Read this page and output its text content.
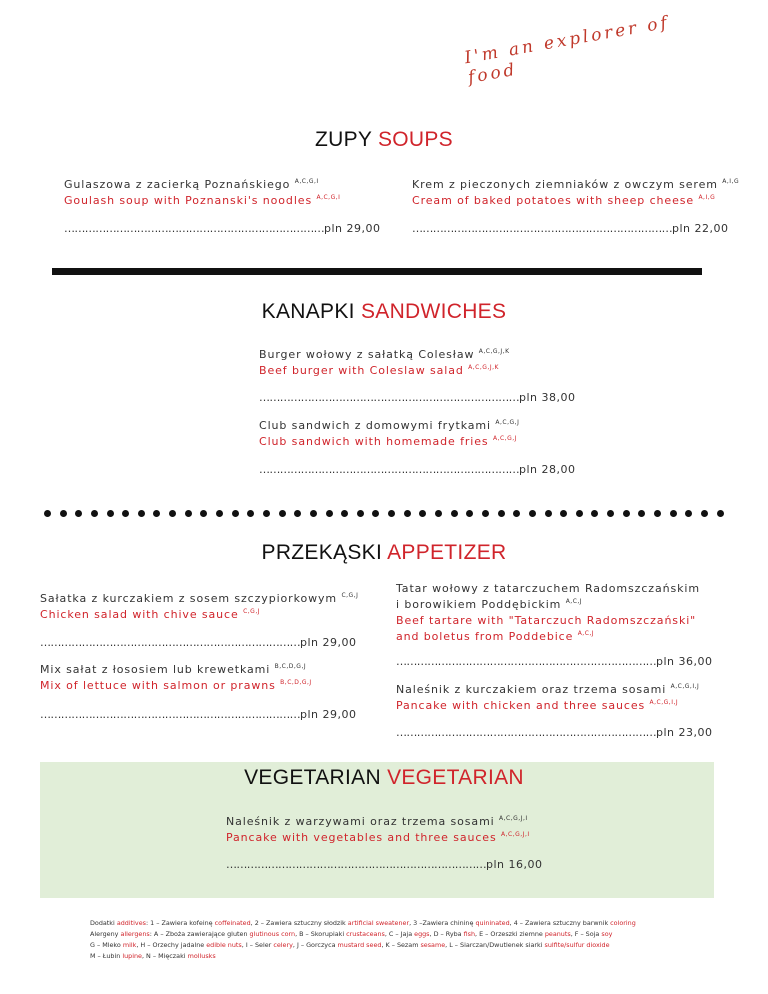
I'm an explorer of food
ZUPY SOUPS
Gulaszowa z zacierką Poznańskiego $^{A,C,G,I}$
Goulash soup with Poznanski's noodles $^{A,C,G,I}$
…………………………………………………………………pln 29,00
Krem z pieczonych ziemniaków z owczym serem $^{A,I,G}$
Cream of baked potatoes with sheep cheese $^{A,I,G}$
…………………………………………………………………pln 22,00
KANAPKI SANDWICHES
Burger wołowy z sałatką Colesław $^{A,C,G,J,K}$
Beef burger with Coleslaw salad $^{A,C,G,J,K}$
…………………………………………………………………pln 38,00
Club sandwich z domowymi frytkami $^{A,C,G,J}$
Club sandwich with homemade fries $^{A,C,G,J}$
…………………………………………………………………pln 28,00
PRZEKĄSKI APPETIZER
Sałatka z kurczakiem z sosem szczypiorkowym $^{C,G,J}$
Chicken salad with chive sauce $^{C,G,J}$
…………………………………………………………………pln 29,00
Mix sałat z łososiem lub krewetkami $^{B,C,D,G,J}$
Mix of lettuce with salmon or prawns $^{B,C,D,G,J}$
…………………………………………………………………pln 29,00
Tatar wołowy z tatarczuchem Radomszczańskim
i borowikiem Poddębickim $^{A,C,J}$
Beef tartare with "Tatarczuch Radomszczański"
and boletus from Poddebice $^{A,C,J}$
…………………………………………………………………pln 36,00
Naleśnik z kurczakiem oraz trzema sosami $^{A,C,G,I,J}$
Pancake with chicken and three sauces $^{A,C,G,I,J}$
…………………………………………………………………pln 23,00
VEGETARIAN VEGETARIAN
Naleśnik z warzywami oraz trzema sosami $^{A,C,G,J,I}$
Pancake with vegetables and three sauces $^{A,C,G,J,I}$
…………………………………………………………………pln 16,00
Dodatki additives: 1 – Zawiera kofeinę coffeinated, 2 – Zawiera sztuczny słodzik artificial sweatener, 3 –Zawiera chininę quininated, 4 – Zawiera sztuczny barwnik coloring
Alergeny allergens: A – Zboża zawierające gluten glutinous corn, B – Skorupiaki crustaceans, C – Jaja eggs, D – Ryba fish, E – Orzeszki ziemne peanuts, F – Soja soy
G – Mleko milk, H – Orzechy jadalne edible nuts, I – Seler celery, J – Gorczyca mustard seed, K – Sezam sesame, L – Siarczan/Dwutlenek siarki sulfite/sulfur dioxide
M – Łubin lupine, N – Mięczaki mollusks
